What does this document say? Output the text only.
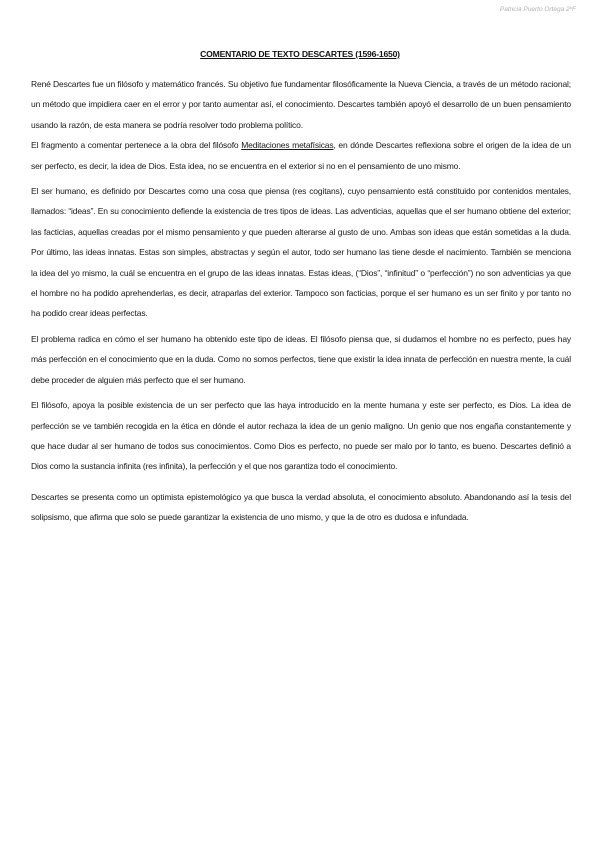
Patricia Puerto Ortega 2ºF
COMENTARIO DE TEXTO DESCARTES (1596-1650)

René Descartes fue un filósofo y matemático francés. Su objetivo fue fundamentar filosóficamente la Nueva Ciencia, a través de un método racional; un método que impidiera caer en el error y por tanto aumentar así, el conocimiento. Descartes también apoyó el desarrollo de un buen pensamiento usando la razón, de esta manera se podría resolver todo problema político.

El fragmento a comentar pertenece a la obra del filósofo Meditaciones metafísicas, en dónde Descartes reflexiona sobre el origen de la idea de un ser perfecto, es decir, la idea de Dios. Esta idea, no se encuentra en el exterior si no en el pensamiento de uno mismo.

El ser humano, es definido por Descartes como una cosa que piensa (res cogitans), cuyo pensamiento está constituido por contenidos mentales, llamados: “ideas”. En su conocimiento defiende la existencia de tres tipos de ideas. Las adventicias, aquellas que el ser humano obtiene del exterior; las facticias, aquellas creadas por el mismo pensamiento y que pueden alterarse al gusto de uno. Ambas son ideas que están sometidas a la duda. Por último, las ideas innatas. Estas son simples, abstractas y según el autor, todo ser humano las tiene desde el nacimiento. También se menciona la idea del yo mismo, la cuál se encuentra en el grupo de las ideas innatas. Estas ideas, (“Dios”, “infinitud” o “perfección”) no son adventicias ya que el hombre no ha podido aprehenderlas, es decir, atraparlas del exterior. Tampoco son facticias, porque el ser humano es un ser finito y por tanto no ha podido crear ideas perfectas.

El problema radica en cómo el ser humano ha obtenido este tipo de ideas. El filósofo piensa que, si dudamos el hombre no es perfecto, pues hay más perfección en el conocimiento que en la duda. Como no somos perfectos, tiene que existir la idea innata de perfección en nuestra mente, la cuál debe proceder de alguien más perfecto que el ser humano.

El filósofo, apoya la posible existencia de un ser perfecto que las haya introducido en la mente humana y este ser perfecto, es Dios. La idea de perfección se ve también recogida en la ética en dónde el autor rechaza la idea de un genio maligno. Un genio que nos engaña constantemente y que hace dudar al ser humano de todos sus conocimientos. Como Dios es perfecto, no puede ser malo por lo tanto, es bueno. Descartes definió a Dios como la sustancia infinita (res infinita), la perfección y el que nos garantiza todo el conocimiento.

Descartes se presenta como un optimista epistemológico ya que busca la verdad absoluta, el conocimiento absoluto. Abandonando así la tesis del solipsismo, que afirma que solo se puede garantizar la existencia de uno mismo, y que la de otro es dudosa e infundada.
